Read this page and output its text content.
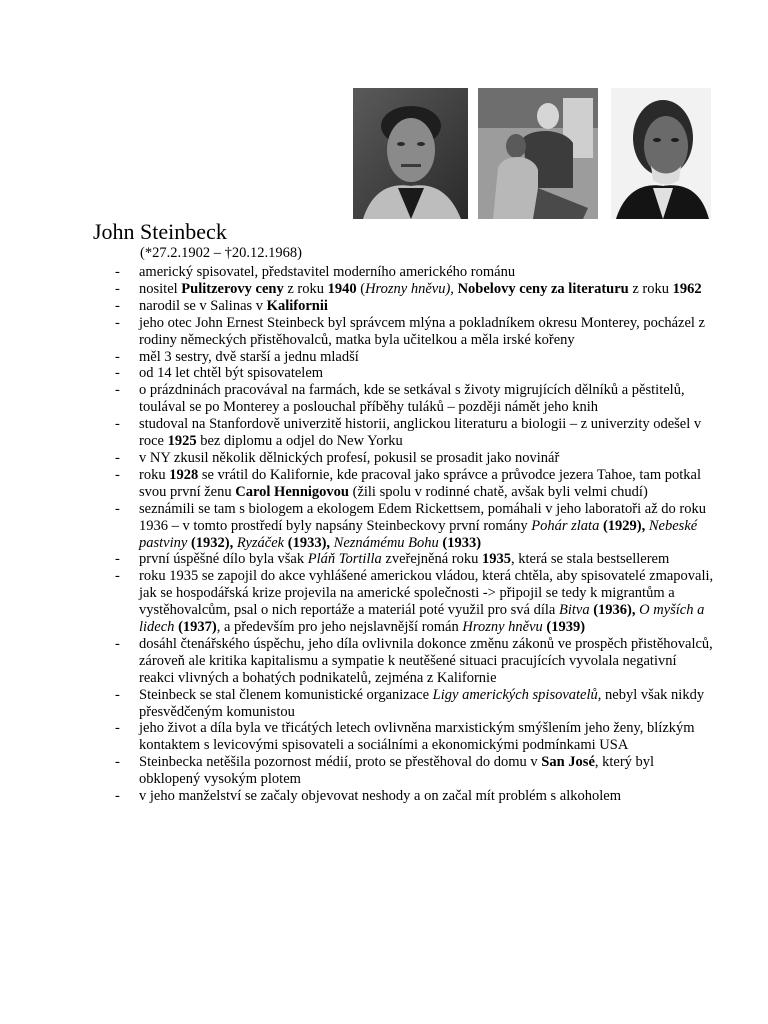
John Steinbeck
(*27.2.1902 – †20.12.1968)
- americký spisovatel, představitel moderního amerického románu
- nositel Pulitzerovy ceny z roku 1940 (Hrozny hněvu), Nobelovy ceny za literaturu z roku 1962
- narodil se v Salinas v Kalifornii
- jeho otec John Ernest Steinbeck byl správcem mlýna a pokladníkem okresu Monterey, pocházel z rodiny německých přistěhovalců, matka byla učitelkou a měla irské kořeny
- měl 3 sestry, dvě starší a jednu mladší
- od 14 let chtěl být spisovatelem
- o prázdninách pracovával na farmách, kde se setkával s životy migrujících dělníků a pěstitelů, toulával se po Monterey a poslouchal příběhy tuláků – později námět jeho knih
- studoval na Stanfordově univerzitě historii, anglickou literaturu a biologii – z univerzity odešel v roce 1925 bez diplomu a odjel do New Yorku
- v NY zkusil několik dělnických profesí, pokusil se prosadit jako novinář
- roku 1928 se vrátil do Kalifornie, kde pracoval jako správce a průvodce jezera Tahoe, tam potkal svou první ženu Carol Hennigovou (žili spolu v rodinné chatě, avšak byli velmi chudí)
- seznámili se tam s biologem a ekologem Edem Rickettsem, pomáhali v jeho laboratoři až do roku 1936 – v tomto prostředí byly napsány Steinbeckovy první romány Pohár zlata (1929), Nebeské pastviny (1932), Ryzáček (1933), Neznámému Bohu (1933)
- první úspěšné dílo byla však Pláň Tortilla zveřejněná roku 1935, která se stala bestsellerem
- roku 1935 se zapojil do akce vyhlášené americkou vládou, která chtěla, aby spisovatelé zmapovali, jak se hospodářská krize projevila na americké společnosti -> připojil se tedy k migrantům a vystěhovalcům, psal o nich reportáže a materiál poté využil pro svá díla Bitva (1936), O myších a lidech (1937), a především pro jeho nejslavnější román Hrozny hněvu (1939)
- dosáhl čtenářského úspěchu, jeho díla ovlivnila dokonce změnu zákonů ve prospěch přistěhovalců, zároveň ale kritika kapitalismu a sympatie k neutěšené situaci pracujících vyvolala negativní reakci vlivných a bohatých podnikatelů, zejména z Kalifornie
- Steinbeck se stal členem komunistické organizace Ligy amerických spisovatelů, nebyl však nikdy přesvědčeným komunistou
- jeho život a díla byla ve třicátých letech ovlivněna marxistickým smýšlením jeho ženy, blízkým kontaktem s levicovými spisovateli a sociálními a ekonomickými podmínkami USA
- Steinbecka netěšila pozornost médií, proto se přestěhoval do domu v San José, který byl obklopený vysokým plotem
- v jeho manželství se začaly objevovat neshody a on začal mít problém s alkoholem
